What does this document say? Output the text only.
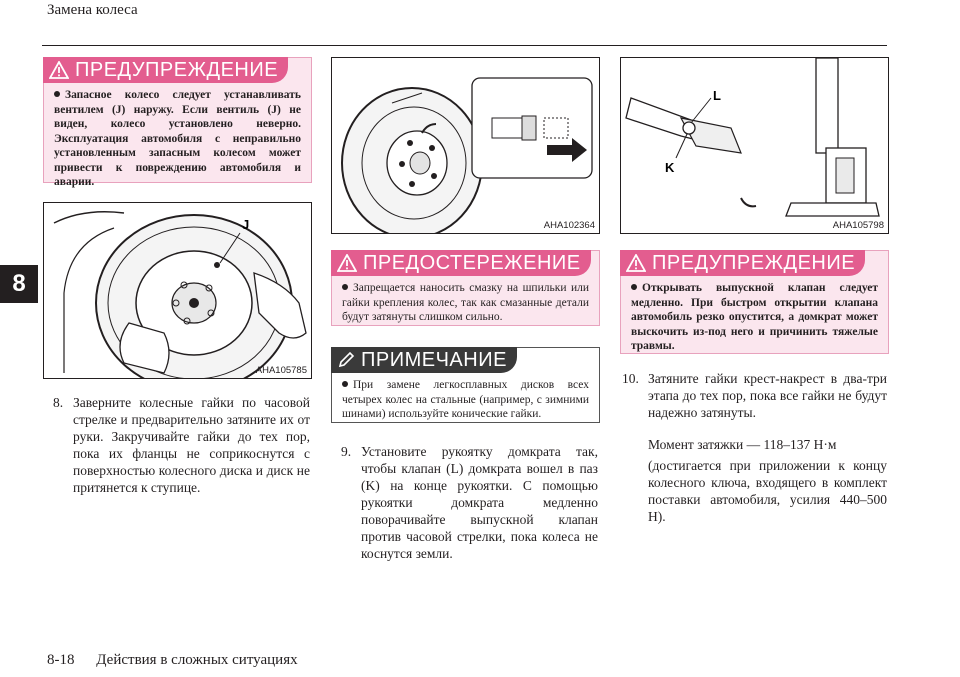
Замена колеса
8
ПРЕДУПРЕЖДЕНИЕ
Запасное колесо следует устанавливать вентилем (J) наружу. Если вентиль (J) не виден, колесо установлено неверно. Эксплуатация автомобиля с неправильно установленным запасным колесом может привести к повреждению автомобиля и аварии.
J
AHA105785
8. Заверните колесные гайки по часовой стрелке и предварительно затяните их от руки. Закручивайте гайки до тех пор, пока их фланцы не соприкоснутся с поверхностью колесного диска и диск не притянется к ступице.
AHA102364
ПРЕДОСТЕРЕЖЕНИЕ
Запрещается наносить смазку на шпильки или гайки крепления колес, так как смазанные детали будут затянуты слишком сильно.
ПРИМЕЧАНИЕ
При замене легкосплавных дисков всех четырех колес на стальные (например, с зимними шинами) используйте конические гайки.
9. Установите рукоятку домкрата так, чтобы клапан (L) домкрата вошел в паз (K) на конце рукоятки. С помощью рукоятки домкрата медленно поворачивайте выпускной клапан против часовой стрелки, пока колеса не коснутся земли.
L
K
AHA105798
ПРЕДУПРЕЖДЕНИЕ
Открывать выпускной клапан следует медленно. При быстром открытии клапана автомобиль резко опустится, а домкрат может выскочить из-под него и причинить тяжелые травмы.
10. Затяните гайки крест-накрест в два-три этапа до тех пор, пока все гайки не будут надежно затянуты.
Момент затяжки — 118–137 Н·м
(достигается при приложении к концу колесного ключа, входящего в комплект поставки автомобиля, усилия 440–500 Н).
8-18 Действия в сложных ситуациях
